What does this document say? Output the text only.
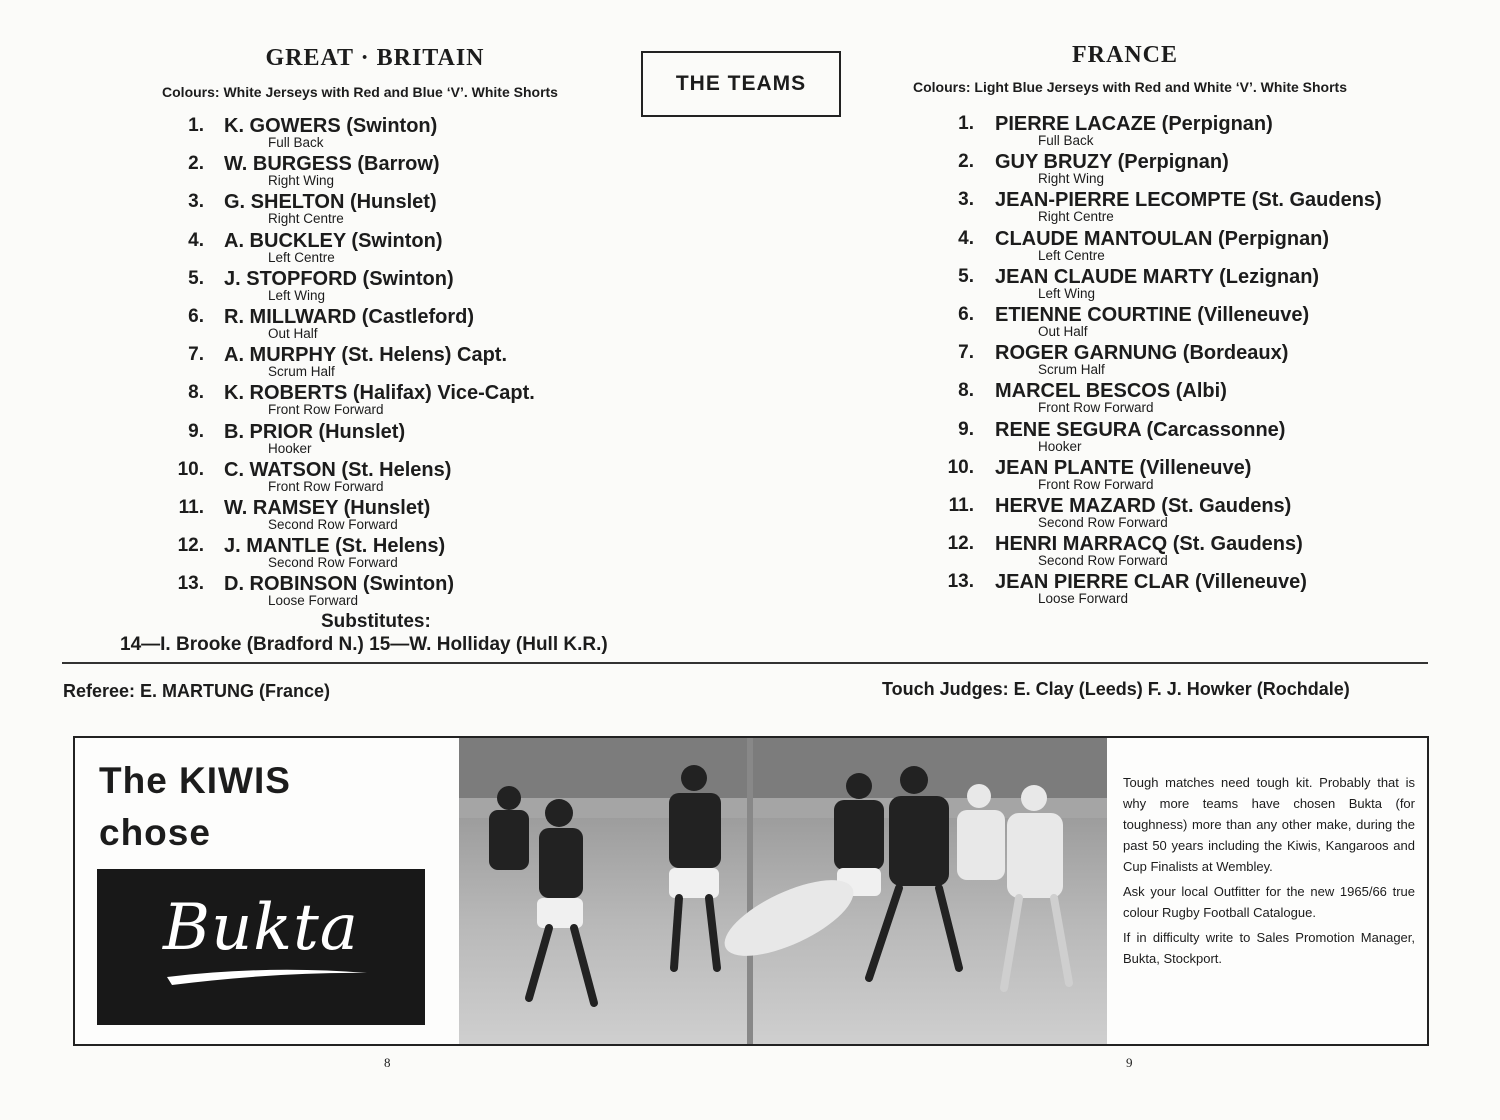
GREAT · BRITAIN
Colours: White Jerseys with Red and Blue ‘V’. White Shorts	THE TEAMS
FRANCE
Colours: Light Blue Jerseys with Red and White ‘V’. White Shorts
1. K. GOWERS (Swinton)
Full Back
2. W. BURGESS (Barrow)
Right Wing
3. G. SHELTON (Hunslet)
Right Centre
4. A. BUCKLEY (Swinton)
Left Centre
5. J. STOPFORD (Swinton)
Left Wing
6. R. MILLWARD (Castleford)
Out Half
7. A. MURPHY (St. Helens) Capt.
Scrum Half
8. K. ROBERTS (Halifax) Vice-Capt.
Front Row Forward
9. B. PRIOR (Hunslet)
Hooker
10. C. WATSON (St. Helens)
Front Row Forward
11. W. RAMSEY (Hunslet)
Second Row Forward
12. J. MANTLE (St. Helens)
Second Row Forward
13. D. ROBINSON (Swinton)
Loose Forward
1. PIERRE LACAZE (Perpignan)
Full Back
2. GUY BRUZY (Perpignan)
Right Wing
3. JEAN-PIERRE LECOMPTE (St. Gaudens)
Right Centre
4. CLAUDE MANTOULAN (Perpignan)
Left Centre
5. JEAN CLAUDE MARTY (Lezignan)
Left Wing
6. ETIENNE COURTINE (Villeneuve)
Out Half
7. ROGER GARNUNG (Bordeaux)
Scrum Half
8. MARCEL BESCOS (Albi)
Front Row Forward
9. RENE SEGURA (Carcassonne)
Hooker
10. JEAN PLANTE (Villeneuve)
Front Row Forward
11. HERVE MAZARD (St. Gaudens)
Second Row Forward
12. HENRI MARRACQ (St. Gaudens)
Second Row Forward
13. JEAN PIERRE CLAR (Villeneuve)
Loose Forward
Substitutes:
14—I. Brooke (Bradford N.) 15—W. Holliday (Hull K.R.)
Referee: E. MARTUNG (France)	Touch Judges: E. Clay (Leeds) F. J. Howker (Rochdale)
The KIWIS
chose
Bukta

Tough matches need tough kit. Probably that is why more teams have chosen Bukta (for toughness) more than any other make, during the past 50 years including the Kiwis, Kangaroos and Cup Finalists at Wembley.

Ask your local Outfitter for the new 1965/66 true colour Rugby Football Catalogue.

If in difficulty write to Sales Promotion Manager, Bukta, Stockport.

8	9
